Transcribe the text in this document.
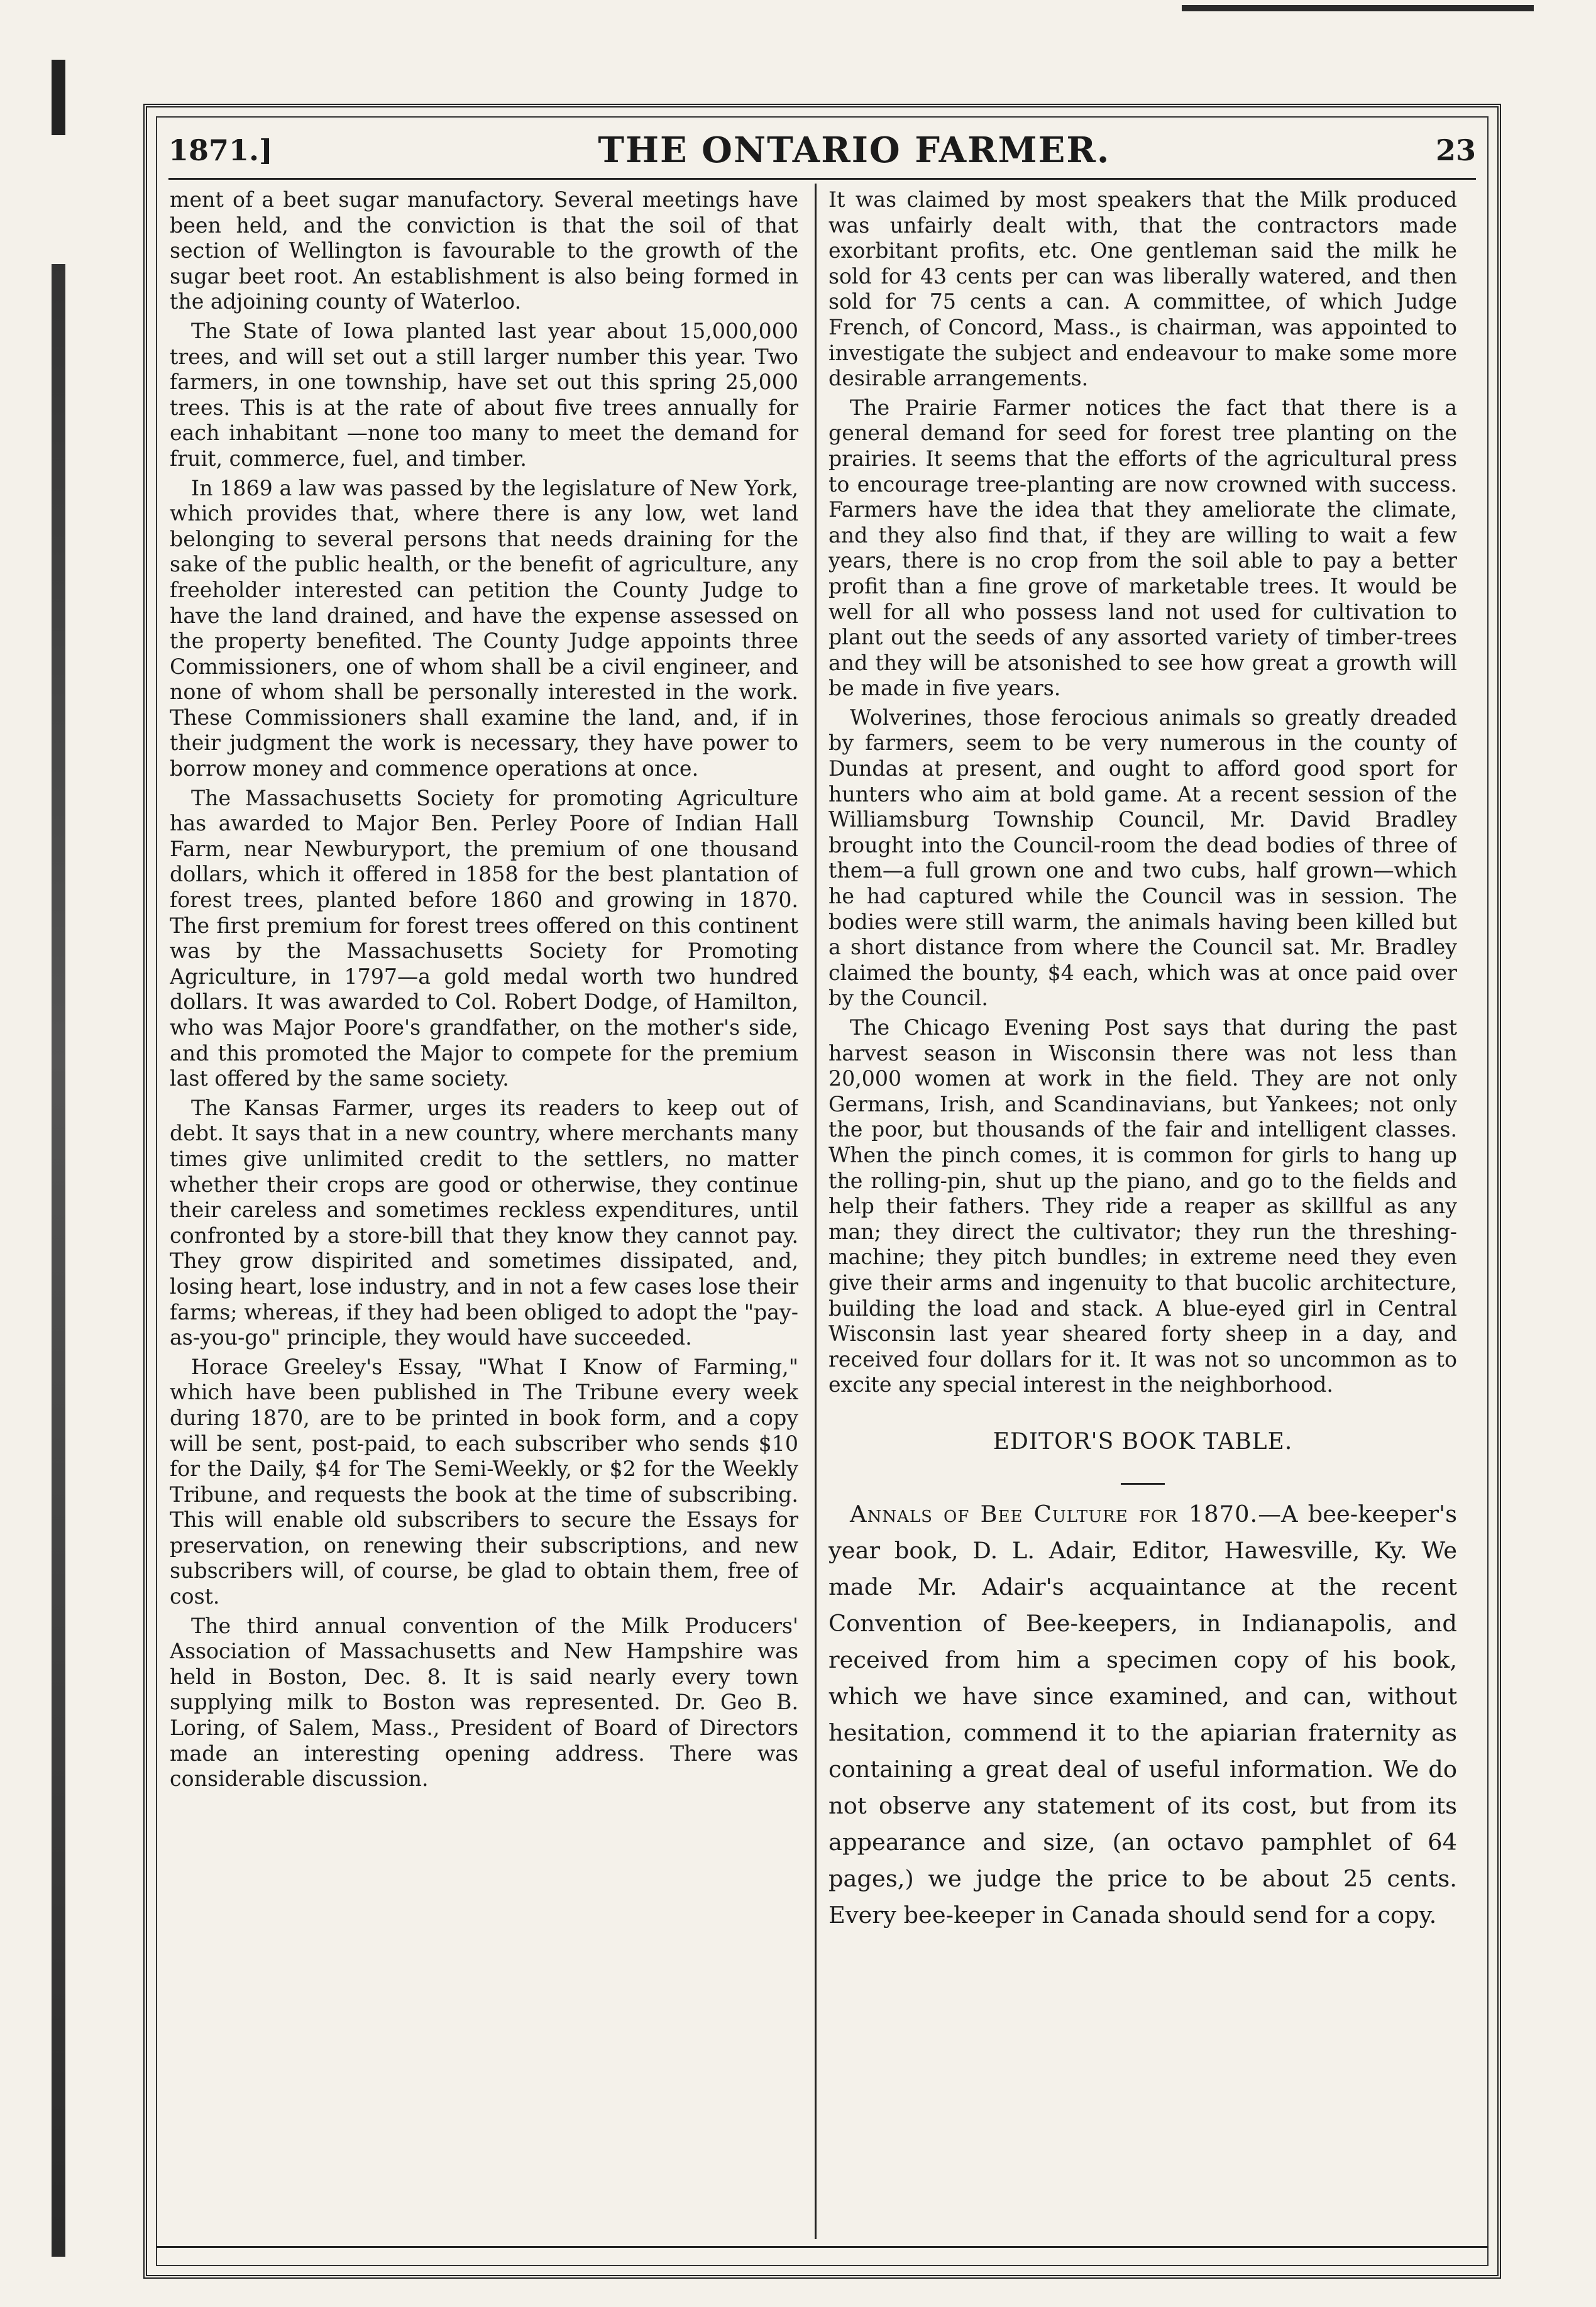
1871.]	THE ONTARIO FARMER.	23

ment of a beet sugar manufactory. Several meetings have been held, and the conviction is that the soil of that section of Wellington is favourable to the growth of the sugar beet root. An establishment is also being formed in the adjoining county of Waterloo.

The State of Iowa planted last year about 15,000,000 trees, and will set out a still larger number this year. Two farmers, in one township, have set out this spring 25,000 trees. This is at the rate of about five trees annually for each inhabitant —none too many to meet the demand for fruit, commerce, fuel, and timber.

In 1869 a law was passed by the legislature of New York, which provides that, where there is any low, wet land belonging to several persons that needs draining for the sake of the public health, or the benefit of agriculture, any freeholder interested can petition the County Judge to have the land drained, and have the expense assessed on the property benefited. The County Judge appoints three Commissioners, one of whom shall be a civil engineer, and none of whom shall be personally interested in the work. These Commissioners shall examine the land, and, if in their judgment the work is necessary, they have power to borrow money and commence operations at once.

The Massachusetts Society for promoting Agriculture has awarded to Major Ben. Perley Poore of Indian Hall Farm, near Newburyport, the premium of one thousand dollars, which it offered in 1858 for the best plantation of forest trees, planted before 1860 and growing in 1870. The first premium for forest trees offered on this continent was by the Massachusetts Society for Promoting Agriculture, in 1797—a gold medal worth two hundred dollars. It was awarded to Col. Robert Dodge, of Hamilton, who was Major Poore's grandfather, on the mother's side, and this promoted the Major to compete for the premium last offered by the same society.

The Kansas Farmer, urges its readers to keep out of debt. It says that in a new country, where merchants many times give unlimited credit to the settlers, no matter whether their crops are good or otherwise, they continue their careless and sometimes reckless expenditures, until confronted by a store-bill that they know they cannot pay. They grow dispirited and sometimes dissipated, and, losing heart, lose industry, and in not a few cases lose their farms; whereas, if they had been obliged to adopt the "pay-as-you-go" principle, they would have succeeded.

Horace Greeley's Essay, "What I Know of Farming," which have been published in The Tribune every week during 1870, are to be printed in book form, and a copy will be sent, post-paid, to each subscriber who sends $10 for the Daily, $4 for The Semi-Weekly, or $2 for the Weekly Tribune, and requests the book at the time of subscribing. This will enable old subscribers to secure the Essays for preservation, on renewing their subscriptions, and new subscribers will, of course, be glad to obtain them, free of cost.

The third annual convention of the Milk Producers' Association of Massachusetts and New Hampshire was held in Boston, Dec. 8. It is said nearly every town supplying milk to Boston was represented. Dr. Geo B. Loring, of Salem, Mass., President of Board of Directors made an interesting opening address. There was considerable discussion.

It was claimed by most speakers that the Milk produced was unfairly dealt with, that the contractors made exorbitant profits, etc. One gentleman said the milk he sold for 43 cents per can was liberally watered, and then sold for 75 cents a can. A committee, of which Judge French, of Concord, Mass., is chairman, was appointed to investigate the subject and endeavour to make some more desirable arrangements.

The Prairie Farmer notices the fact that there is a general demand for seed for forest tree planting on the prairies. It seems that the efforts of the agricultural press to encourage tree-planting are now crowned with success. Farmers have the idea that they ameliorate the climate, and they also find that, if they are willing to wait a few years, there is no crop from the soil able to pay a better profit than a fine grove of marketable trees. It would be well for all who possess land not used for cultivation to plant out the seeds of any assorted variety of timber-trees and they will be atsonished to see how great a growth will be made in five years.

Wolverines, those ferocious animals so greatly dreaded by farmers, seem to be very numerous in the county of Dundas at present, and ought to afford good sport for hunters who aim at bold game. At a recent session of the Williamsburg Township Council, Mr. David Bradley brought into the Council-room the dead bodies of three of them—a full grown one and two cubs, half grown—which he had captured while the Council was in session. The bodies were still warm, the animals having been killed but a short distance from where the Council sat. Mr. Bradley claimed the bounty, $4 each, which was at once paid over by the Council.

The Chicago Evening Post says that during the past harvest season in Wisconsin there was not less than 20,000 women at work in the field. They are not only Germans, Irish, and Scandinavians, but Yankees; not only the poor, but thousands of the fair and intelligent classes. When the pinch comes, it is common for girls to hang up the rolling-pin, shut up the piano, and go to the fields and help their fathers. They ride a reaper as skillful as any man; they direct the cultivator; they run the threshing-machine; they pitch bundles; in extreme need they even give their arms and ingenuity to that bucolic architecture, building the load and stack. A blue-eyed girl in Central Wisconsin last year sheared forty sheep in a day, and received four dollars for it. It was not so uncommon as to excite any special interest in the neighborhood.

EDITOR'S BOOK TABLE.

Annals of Bee Culture for 1870.—A bee-keeper's year book, D. L. Adair, Editor, Hawesville, Ky. We made Mr. Adair's acquaintance at the recent Convention of Bee-keepers, in Indianapolis, and received from him a specimen copy of his book, which we have since examined, and can, without hesitation, commend it to the apiarian fraternity as containing a great deal of useful information. We do not observe any statement of its cost, but from its appearance and size, (an octavo pamphlet of 64 pages,) we judge the price to be about 25 cents. Every bee-keeper in Canada should send for a copy.
